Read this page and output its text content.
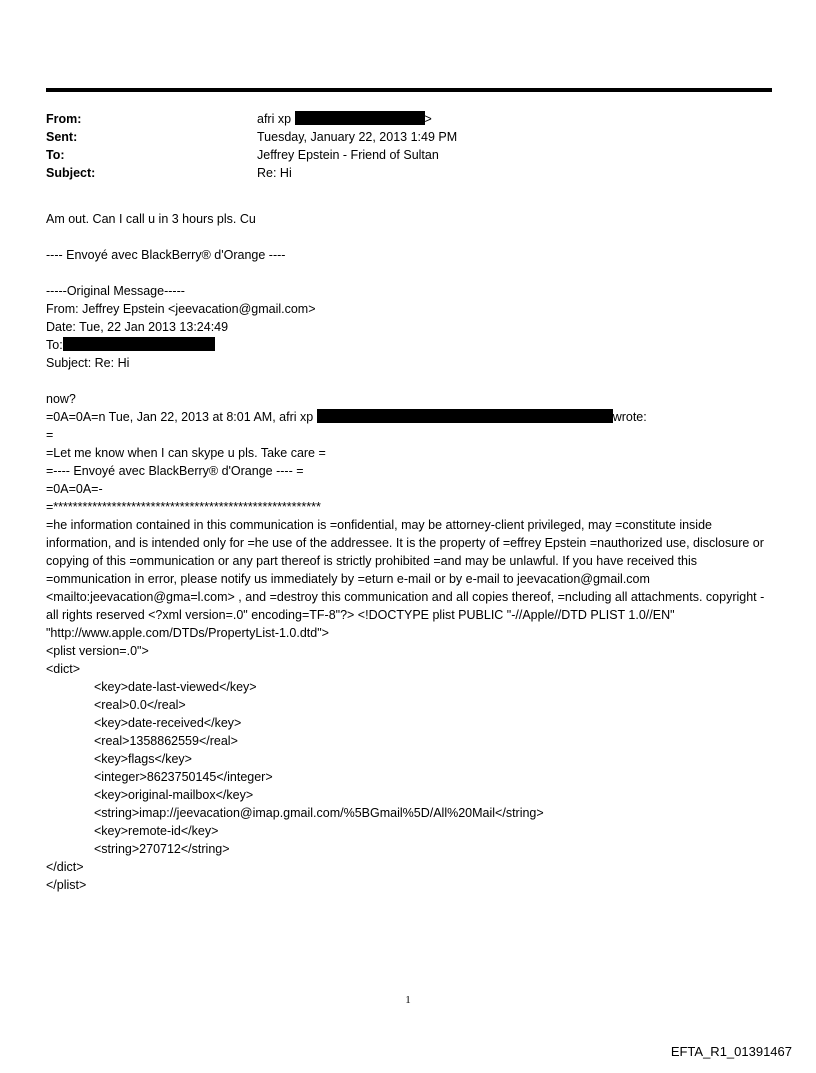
From:	afri xp	>
Sent:	Tuesday, January 22, 2013 1:49 PM
To:	Jeffrey Epstein - Friend of Sultan
Subject:	Re: Hi
Am out. Can I call u in 3 hours pls. Cu
---- Envoyé avec BlackBerry® d'Orange ----
-----Original Message-----
From: Jeffrey Epstein <jeevacation@gmail.com>
Date: Tue, 22 Jan 2013 13:24:49
To:
Subject: Re: Hi
now?
=0A=0A=n Tue, Jan 22, 2013 at 8:01 AM, afri xp	wrote:
=
=Let me know when I can skype u pls. Take care =
=---- Envoyé avec BlackBerry® d'Orange ---- =
=0A=0A=-
=*******************************************************
=he information contained in this communication is =onfidential, may be attorney-client privileged, may =constitute inside information, and is intended only for =he use of the addressee. It is the property of =effrey Epstein =nauthorized use, disclosure or copying of this =ommunication or any part thereof is strictly prohibited =and may be unlawful. If you have received this =ommunication in error, please notify us immediately by =eturn e-mail or by e-mail to jeevacation@gmail.com <mailto:jeevacation@gma=l.com> , and =destroy this communication and all copies thereof, =ncluding all attachments. copyright -all rights reserved <?xml version=.0" encoding=TF-8"?> <!DOCTYPE plist PUBLIC "-//Apple//DTD PLIST 1.0//EN" "http://www.apple.com/DTDs/PropertyList-1.0.dtd">
<plist version=.0">
<dict>
<key>date-last-viewed</key>
<real>0.0</real>
<key>date-received</key>
<real>1358862559</real>
<key>flags</key>
<integer>8623750145</integer>
<key>original-mailbox</key>
<string>imap://jeevacation@imap.gmail.com/%5BGmail%5D/All%20Mail</string>
<key>remote-id</key>
<string>270712</string>
</dict>
</plist>
1
EFTA_R1_01391467
